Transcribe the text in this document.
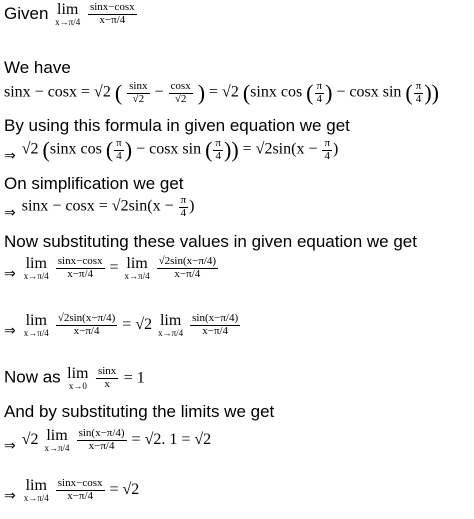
Given lim
x→π/4
$\frac{\sin x-\cos x}{x-\pi/4}$
We have
sinx − cosx = √2 ( $\frac{\sin x}{√2} - \frac{\cos x}{√2}$ ) = √2 (sinx cos ( $\frac{\pi}{4}$ ) − cosx sin ( $\frac{\pi}{4}$ ))
By using this formula in given equation we get
⇒ √2 (sinx cos ( $\frac{\pi}{4}$ ) − cosx sin ( $\frac{\pi}{4}$ )) = $√2\sin(x - \frac{\pi}{4}$ )
On simplification we get
⇒ $\sin x - \cos x = √2\sin(x - \frac{\pi}{4}$ )
Now substituting these values in given equation we get
⇒
lim
x→π/4
$\frac{\sin x-\cos x}{x-\pi/4} = \lim$
x→π/4
$\frac{√2\sin(x-\pi/4)}{x-\pi/4}$
⇒
lim
x→π/4
$\frac{√2\sin(x-\pi/4)}{x-\pi/4} = √2$ lim
x→π/4
$\frac{\sin(x-\pi/4)}{x-\pi/4}$
Now as lim
x→0
$\frac{\sin x}{x} = 1$
And by substituting the limits we get
⇒ √2 lim
x→π/4
$\frac{\sin(x-\pi/4)}{x-\pi/4} = √2$. 1 = √2
⇒
lim
x→π/4
$\frac{\sin x-\cos x}{x-\pi/4} = √2$
